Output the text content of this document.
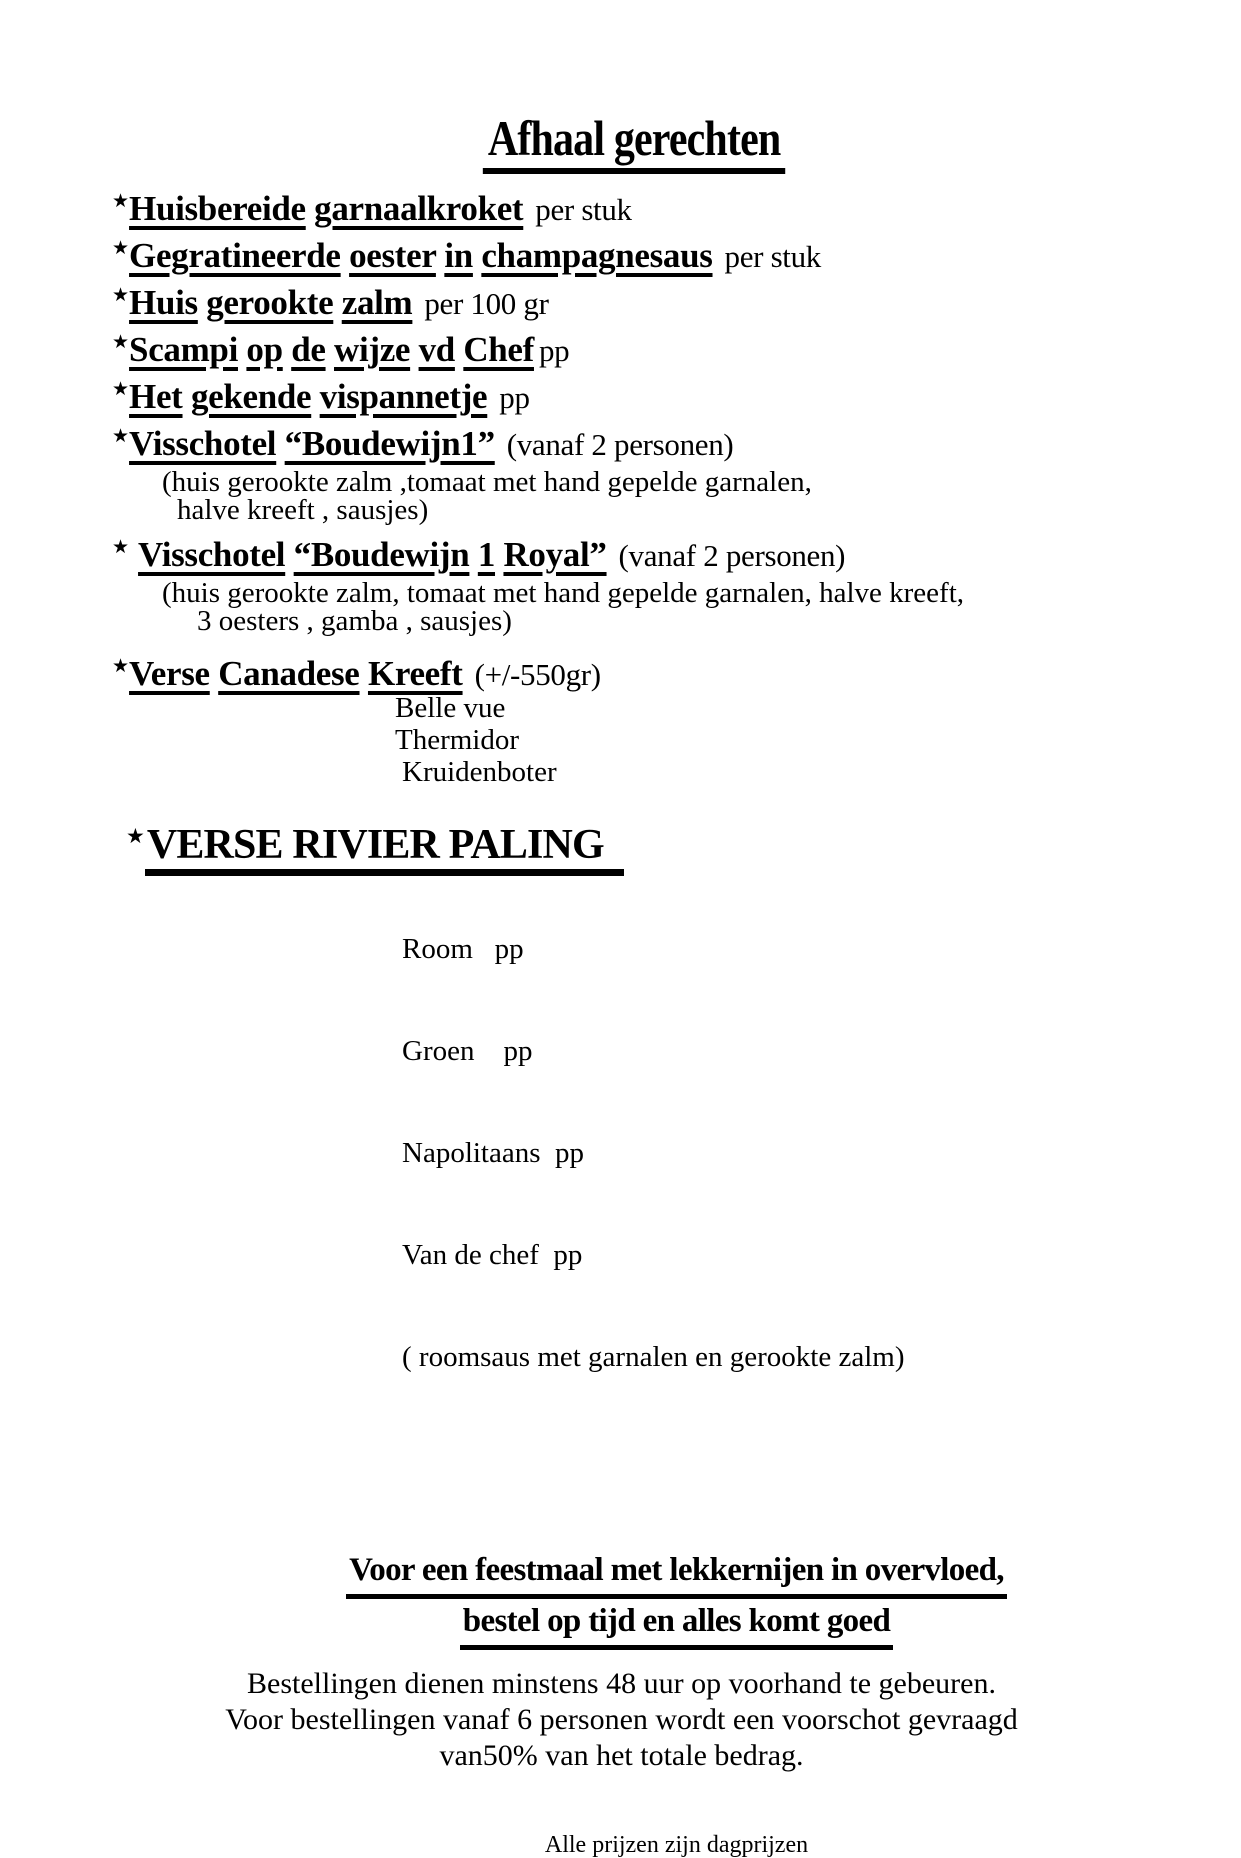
Afhaal gerechten
★Huisbereide garnaalkroket per stuk
★Gegratineerde oester in champagnesaus per stuk
★Huis gerookte zalm per 100 gr
★Scampi op de wijze vd Chef pp
★Het gekende vispannetje pp
★Visschotel “Boudewijn1” (vanaf 2 personen)
(huis gerookte zalm ,tomaat met hand gepelde garnalen,
halve kreeft , sausjes)
★ Visschotel “Boudewijn 1 Royal” (vanaf 2 personen)
(huis gerookte zalm, tomaat met hand gepelde garnalen, halve kreeft,
3 oesters , gamba , sausjes)
★Verse Canadese Kreeft (+/-550gr)
Belle vue
Thermidor
Kruidenboter
★VERSE RIVIER PALING

Room   pp

Groen    pp

Napolitaans  pp

Van de chef  pp

( roomsaus met garnalen en gerookte zalm)

Voor een feestmaal met lekkernijen in overvloed,
bestel op tijd en alles komt goed
Bestellingen dienen minstens 48 uur op voorhand te gebeuren.
Voor bestellingen vanaf 6 personen wordt een voorschot gevraagd
van50% van het totale bedrag.
Alle prijzen zijn dagprijzen
